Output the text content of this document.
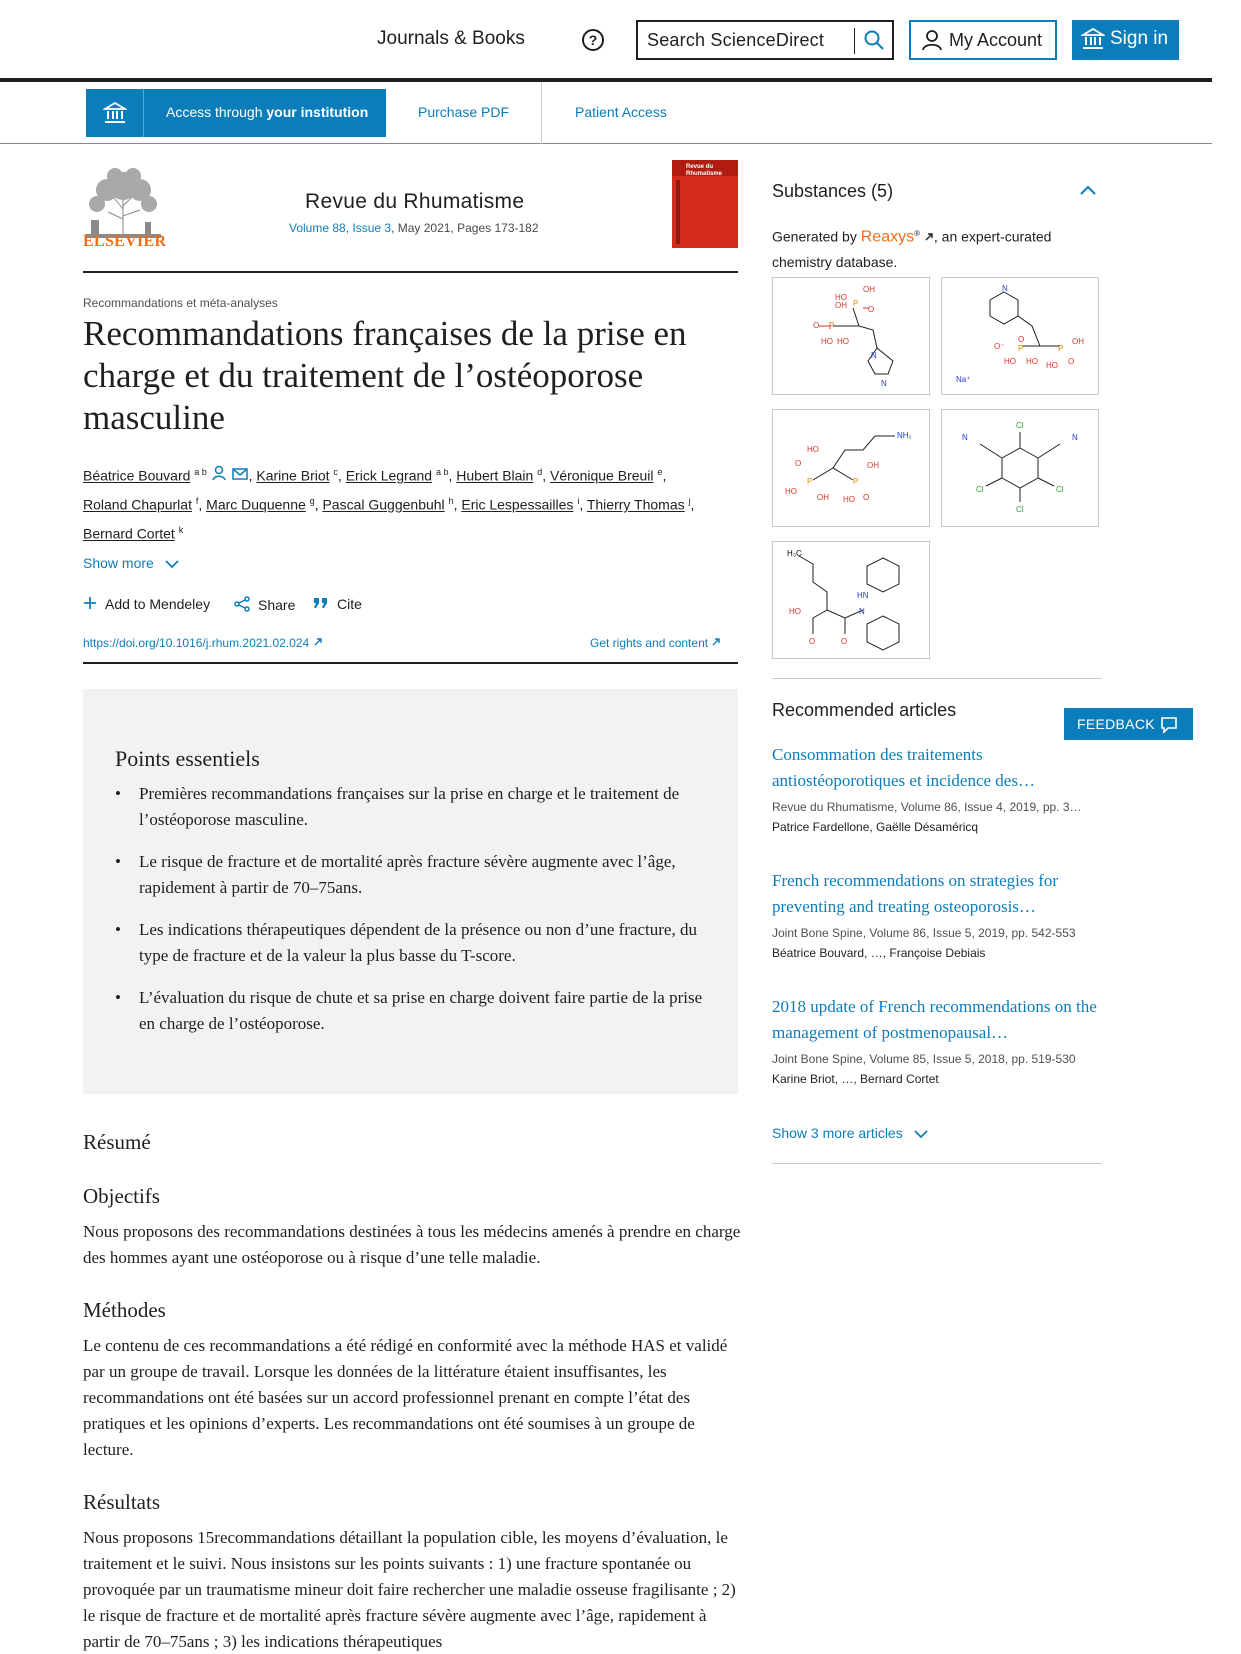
Journals & Books	?	Search ScienceDirect	My Account	Sign in
Access through your institution	Purchase PDF	Patient Access
ELSEVIER
Revue du Rhumatisme
Volume 88, Issue 3, May 2021, Pages 173-182
Revue du Rhumatisme
Recommandations et méta-analyses
Recommandations françaises de la prise en
charge et du traitement de l’ostéoporose
masculine
Béatrice Bouvard $^{a b}$	, Karine Briot $^c$, Erick Legrand $^{a b}$, Hubert Blain $^d$, Véronique Breuil $^e$,
Roland Chapurlat $^f$, Marc Duquenne $^g$, Pascal Guggenbuhl $^h$, Eric Lespessailles $^i$, Thierry Thomas $^j$,
Bernard Cortet $^k$
Show more
Add to Mendeley	Share	Cite
https://doi.org/10.1016/j.rhum.2021.02.024	Get rights and content
Points essentiels
• Premières recommandations françaises sur la prise en charge et le traitement de l’ostéoporose masculine.
• Le risque de fracture et de mortalité après fracture sévère augmente avec l’âge, rapidement à partir de 70–75ans.
• Les indications thérapeutiques dépendent de la présence ou non d’une fracture, du type de fracture et de la valeur la plus basse du T-score.
• L’évaluation du risque de chute et sa prise en charge doivent faire partie de la prise en charge de l’ostéoporose.
Résumé
Objectifs

Nous proposons des recommandations destinées à tous les médecins amenés à prendre en charge des hommes ayant une ostéoporose ou à risque d’une telle maladie.

Méthodes

Le contenu de ces recommandations a été rédigé en conformité avec la méthode HAS et validé par un groupe de travail. Lorsque les données de la littérature étaient insuffisantes, les recommandations ont été basées sur un accord professionnel prenant en compte l’état des pratiques et les opinions d’experts. Les recommandations ont été soumises à un groupe de lecture.

Résultats

Nous proposons 15recommandations détaillant la population cible, les moyens d’évaluation, le traitement et le suivi. Nous insistons sur les points suivants : 1) une fracture spontanée ou provoquée par un traumatisme mineur doit faire rechercher une maladie osseuse fragilisante ; 2) le risque de fracture et de mortalité après fracture sévère augmente avec l’âge, rapidement à partir de 70–75ans ; 3) les indications thérapeutiques

Substances (5)
Generated by Reaxys® , an expert-curated chemistry database.
HO
OH
P
O
OH
O P
HO HO
N
N
N
O
P
O⁻
HO HO
P
OH
O
HO
Na⁺
NH₂
HO
OH
P	P
HO
O
OH	O
HO
Cl
N	N
Cl	Cl
Cl
H₃C
HN
N
HO
O	O
Recommended articles
FEEDBACK
Consommation des traitements antiostéoporotiques et incidence des…
Revue du Rhumatisme, Volume 86, Issue 4, 2019, pp. 3…
Patrice Fardellone, Gaëlle Désaméricq
French recommendations on strategies for preventing and treating osteoporosis…
Joint Bone Spine, Volume 86, Issue 5, 2019, pp. 542-553
Béatrice Bouvard, …, Françoise Debiais
2018 update of French recommendations on the management of postmenopausal…
Joint Bone Spine, Volume 85, Issue 5, 2018, pp. 519-530
Karine Briot, …, Bernard Cortet
Show 3 more articles
